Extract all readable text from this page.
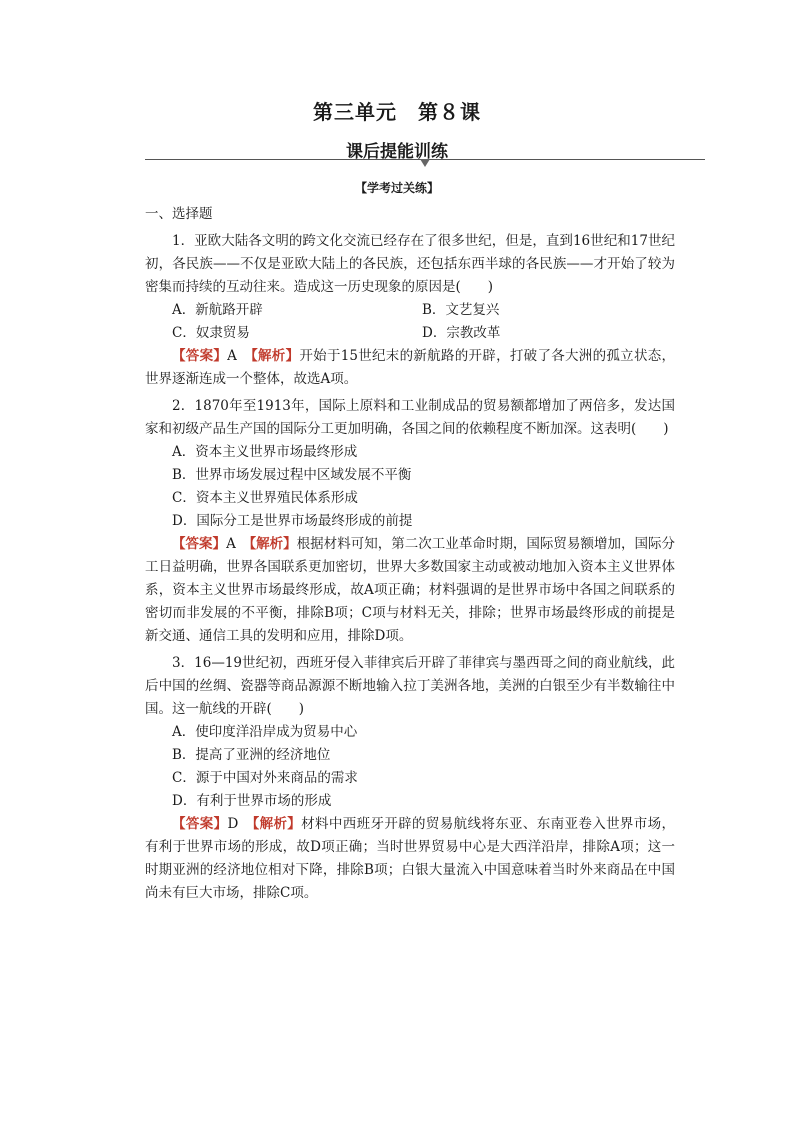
第三单元　第８课
课后提能训练
【学考过关练】
一、选择题

1．亚欧大陆各文明的跨文化交流已经存在了很多世纪，但是，直到16世纪和17世纪初，各民族——不仅是亚欧大陆上的各民族，还包括东西半球的各民族——才开始了较为密集而持续的互动往来。造成这一历史现象的原因是(　　)

A．新航路开辟	B．文艺复兴
C．奴隶贸易	D．宗教改革

【答案】A　【解析】开始于15世纪末的新航路的开辟，打破了各大洲的孤立状态，世界逐渐连成一个整体，故选A项。

2．1870年至1913年，国际上原料和工业制成品的贸易额都增加了两倍多，发达国家和初级产品生产国的国际分工更加明确，各国之间的依赖程度不断加深。这表明(　　)

A．资本主义世界市场最终形成
B．世界市场发展过程中区域发展不平衡
C．资本主义世界殖民体系形成
D．国际分工是世界市场最终形成的前提

【答案】A　【解析】根据材料可知，第二次工业革命时期，国际贸易额增加，国际分工日益明确，世界各国联系更加密切，世界大多数国家主动或被动地加入资本主义世界体系，资本主义世界市场最终形成，故A项正确；材料强调的是世界市场中各国之间联系的密切而非发展的不平衡，排除B项；C项与材料无关，排除；世界市场最终形成的前提是新交通、通信工具的发明和应用，排除D项。

3．16—19世纪初，西班牙侵入菲律宾后开辟了菲律宾与墨西哥之间的商业航线，此后中国的丝绸、瓷器等商品源源不断地输入拉丁美洲各地，美洲的白银至少有半数输往中国。这一航线的开辟(　　)

A．使印度洋沿岸成为贸易中心
B．提高了亚洲的经济地位
C．源于中国对外来商品的需求
D．有利于世界市场的形成

【答案】D　【解析】材料中西班牙开辟的贸易航线将东亚、东南亚卷入世界市场，有利于世界市场的形成，故D项正确；当时世界贸易中心是大西洋沿岸，排除A项；这一时期亚洲的经济地位相对下降，排除B项；白银大量流入中国意味着当时外来商品在中国尚未有巨大市场，排除C项。
